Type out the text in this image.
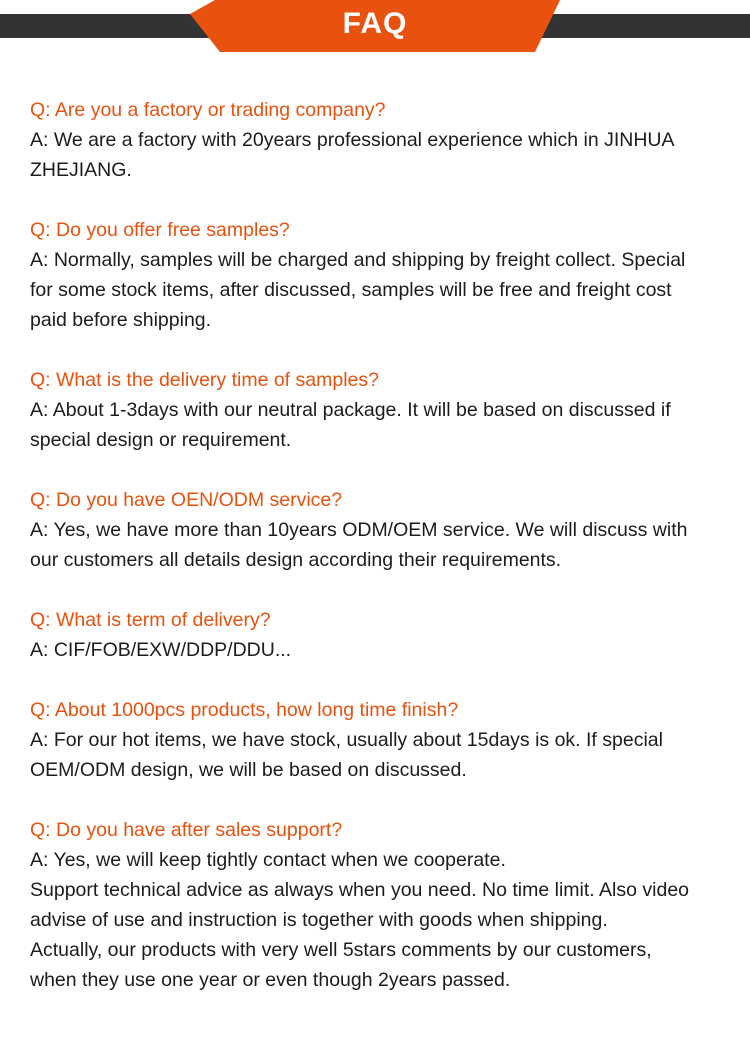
FAQ
Q: Are you a factory or trading company?
A: We are a factory with 20years professional experience which in JINHUA
ZHEJIANG.
Q: Do you offer free samples?
A: Normally, samples will be charged and shipping by freight collect. Special
for some stock items, after discussed, samples will be free and freight cost
paid before shipping.
Q: What is the delivery time of samples?
A: About 1-3days with our neutral package. It will be based on discussed if
special design or requirement.
Q: Do you have OEN/ODM service?
A: Yes, we have more than 10years ODM/OEM service. We will discuss with
our customers all details design according their requirements.
Q: What is term of delivery?
A: CIF/FOB/EXW/DDP/DDU...
Q: About 1000pcs products, how long time finish?
A: For our hot items, we have stock, usually about 15days is ok. If special
OEM/ODM design, we will be based on discussed.
Q: Do you have after sales support?
A: Yes, we will keep tightly contact when we cooperate.
Support technical advice as always when you need. No time limit. Also video
advise of use and instruction is together with goods when shipping.
Actually, our products with very well 5stars comments by our customers,
when they use one year or even though 2years passed.
